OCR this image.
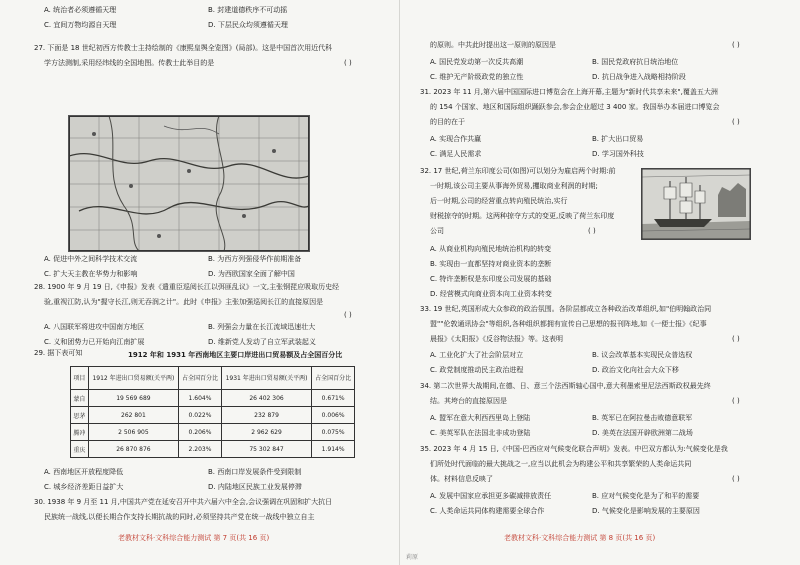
A. 统治者必须遵循天理	B. 封建道德秩序不可动摇
C. 宜间万物均源自天理	D. 下层民众均须遵循天理
27. 下面是 18 世纪初西方传教士主持绘制的《康熙皇舆全览图》(局部)。这是中国首次用近代科
学方法测制,采用经纬线的全国地图。传教士此举目的是	( )
A. 促进中外之间科学技术交流	B. 为西方列强侵华作前期准备
C. 扩大天主教在华势力和影响	D. 为西欧国家全面了解中国
28. 1900 年 9 月 19 日,《申报》发表《遣重臣巡阅长江以弭匪乱议》一文,主张钢琵应吸取历史经
验,重视江防,认为"握守长江,则无吞润之计"。此时《申报》主张加强巡阅长江的直接原因是
( )
A. 八国联军将进攻中国南方地区	B. 列强会力量在长江流域迅速壮大
C. 义和团势力已开始向江南扩展	D. 维新党人发动了自立军武装起义
29. 据下表可知	1912 年和 1931 年西南地区主要口岸进出口贸易额及占全国百分比
项目	1912 年进出口贸易额(关平两)	占全国百分比	1931 年进出口贸易额(关平两)	占全国百分比
蒙自	19 569 689	1.604%	26 402 306	0.671%
思茅	262 801	0.022%	232 879	0.006%
腾冲	2 506 905	0.206%	2 962 629	0.075%
重庆	26 870 876	2.203%	75 302 847	1.914%
A. 西南地区开放程度降低	B. 西南口岸发展条件受到限制
C. 城乡经济差距日益扩大	D. 内陆地区民族工业发展停滞
30. 1938 年 9 月至 11 月,中国共产党在延安召开中共六届六中全会,会议强调在巩固和扩大抗日
民族统一战线,以便长期合作支持长期抗战的同时,必须坚持共产党在统一战线中独立自主
老教材文科·文科综合能力测试 第 7 页(共 16 页)
的原则。中共此时提出这一原则的原因是	( )
A. 国民党发动第一次反共高潮	B. 国民党政府抗日统治地位
C. 维护无产阶级政党的独立性	D. 抗日战争进入战略相持阶段
31. 2023 年 11 月,第六届中国国际进口博览会在上海开幕,主题为"新时代共享未来",覆盖五大洲
的 154 个国家、地区和国际组织踊跃参会,参会企业超过 3 400 家。我国举办本届进口博览会
的目的在于	( )
A. 实现合作共赢	B. 扩大出口贸易
C. 满足人民需求	D. 学习国外科技
32. 17 世纪,荷兰东印度公司(如图)可以划分为雇启两个时期:前
一时期,该公司主要从事海外贸易,攫取商业利润的时期;
后一时期,公司的经营重点转向殖民统治,实行
财税掠夺的时期。这两种掠夺方式的变更,反映了荷兰东印度
公司	( )
A. 从商业机构向殖民地统治机构的转变
B. 实现由一直都坚持对商业资本的垄断
C. 特许垄断权是东印度公司发展的基础
D. 经营模式向商业资本向工业资本转变
33. 19 世纪,英国形成大众参政的政治氛围。各阶层都成立各种政治改革组织,如"伯明翰政治同
盟""伦敦通讯协会"等组织,各种组织都拥有宣传自己思想的报刊阵地,如《一便士报》《纪事
晨报》《太阳报》《反谷物法报》等。这表明	( )
A. 工业化扩大了社会阶层对立	B. 议会改革基本实现民众普选权
C. 政党制度推动民主政治进程	D. 政治文化向社会大众下移
34. 第二次世界大战期间,在德、日、意三个法西斯轴心国中,意大利墨索里尼法西斯政权最先终
结。其垮台的直接原因是	( )
A. 盟军在意大利西西里岛上登陆	B. 英军已在阿拉曼击败德意联军
C. 美英军队在法国北非成功登陆	D. 美英在法国开辟欧洲第二战场
35. 2023 年 4 月 15 日,《中国-巴西应对气候变化联合声明》发表。中巴双方都认为:气候变化是我
们所处时代面临的最大挑战之一,应当以此机会为构建公平和共享繁荣的人类命运共同
体。材料信息反映了	( )
A. 发展中国家应承担更多碳减排放责任	B. 应对气候变化是为了和平的需要
C. 人类命运共同体构建需要全球合作	D. 气候变化是影响发展的主要原因
老教材文科·文科综合能力测试 第 8 页(共 16 页)
莉原
